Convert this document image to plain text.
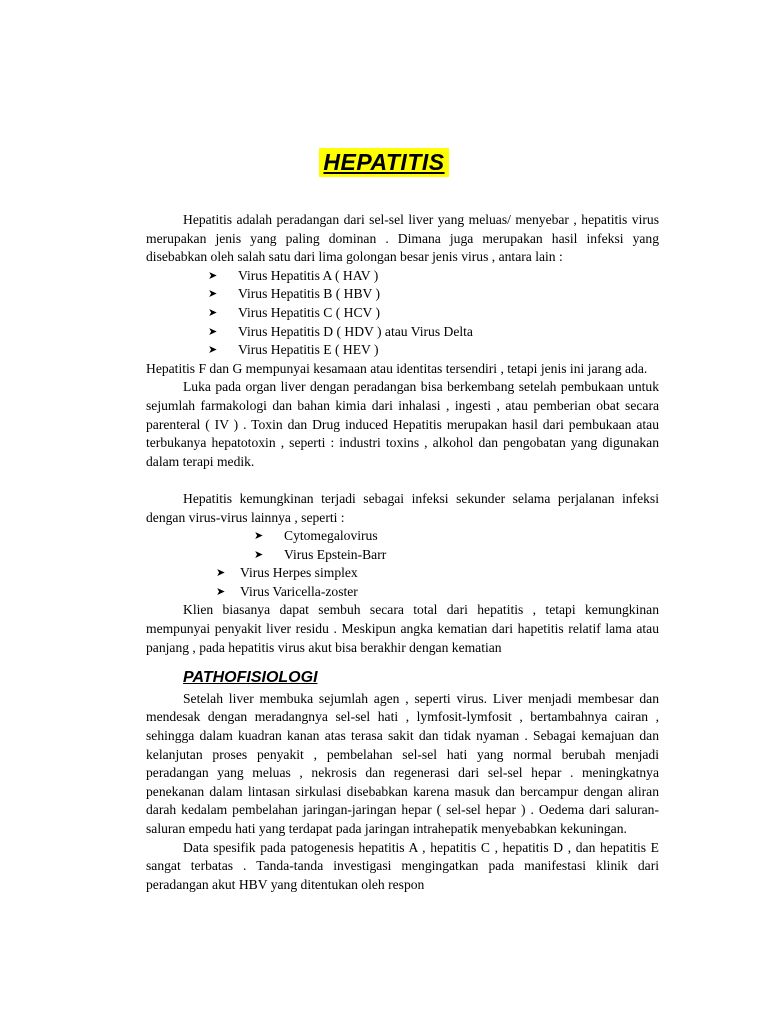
HEPATITIS

Hepatitis adalah peradangan dari sel-sel liver yang meluas/ menyebar , hepatitis virus merupakan jenis yang paling dominan . Dimana juga merupakan hasil infeksi yang disebabkan oleh salah satu dari lima golongan besar jenis virus , antara lain :

➤	Virus Hepatitis A ( HAV )
➤	Virus Hepatitis B ( HBV )
➤	Virus Hepatitis C ( HCV )
➤	Virus Hepatitis D ( HDV ) atau Virus Delta
➤	Virus Hepatitis E ( HEV )

Hepatitis F dan G mempunyai kesamaan atau identitas tersendiri , tetapi jenis ini jarang ada.

Luka pada organ liver dengan peradangan bisa berkembang setelah pembukaan untuk sejumlah farmakologi dan bahan kimia dari inhalasi , ingesti , atau pemberian obat secara parenteral ( IV ) . Toxin dan Drug induced Hepatitis merupakan hasil dari pembukaan atau terbukanya hepatotoxin , seperti : industri toxins , alkohol dan pengobatan yang digunakan dalam terapi medik.

Hepatitis kemungkinan terjadi sebagai infeksi sekunder selama perjalanan infeksi dengan virus-virus lainnya , seperti :

➤	Cytomegalovirus
➤	Virus Epstein-Barr
➤	Virus Herpes simplex
➤	Virus Varicella-zoster

Klien biasanya dapat sembuh secara total dari hepatitis , tetapi kemungkinan mempunyai penyakit liver residu . Meskipun angka kematian dari hapetitis relatif lama atau panjang , pada hepatitis virus akut bisa berakhir dengan kematian

PATHOFISIOLOGI

Setelah liver membuka sejumlah agen , seperti virus. Liver menjadi membesar dan mendesak dengan meradangnya sel-sel hati , lymfosit-lymfosit , bertambahnya cairan , sehingga dalam kuadran kanan atas terasa sakit dan tidak nyaman . Sebagai kemajuan dan kelanjutan proses penyakit , pembelahan sel-sel hati yang normal berubah menjadi peradangan yang meluas , nekrosis dan regenerasi dari sel-sel hepar . meningkatnya penekanan dalam lintasan sirkulasi disebabkan karena masuk dan bercampur dengan aliran darah kedalam pembelahan jaringan-jaringan hepar ( sel-sel hepar ) . Oedema dari saluran-saluran empedu hati yang terdapat pada jaringan intrahepatik menyebabkan kekuningan.

Data spesifik pada patogenesis hepatitis A , hepatitis C , hepatitis D , dan hepatitis E sangat terbatas . Tanda-tanda investigasi mengingatkan pada manifestasi klinik dari peradangan akut HBV yang ditentukan oleh respon
